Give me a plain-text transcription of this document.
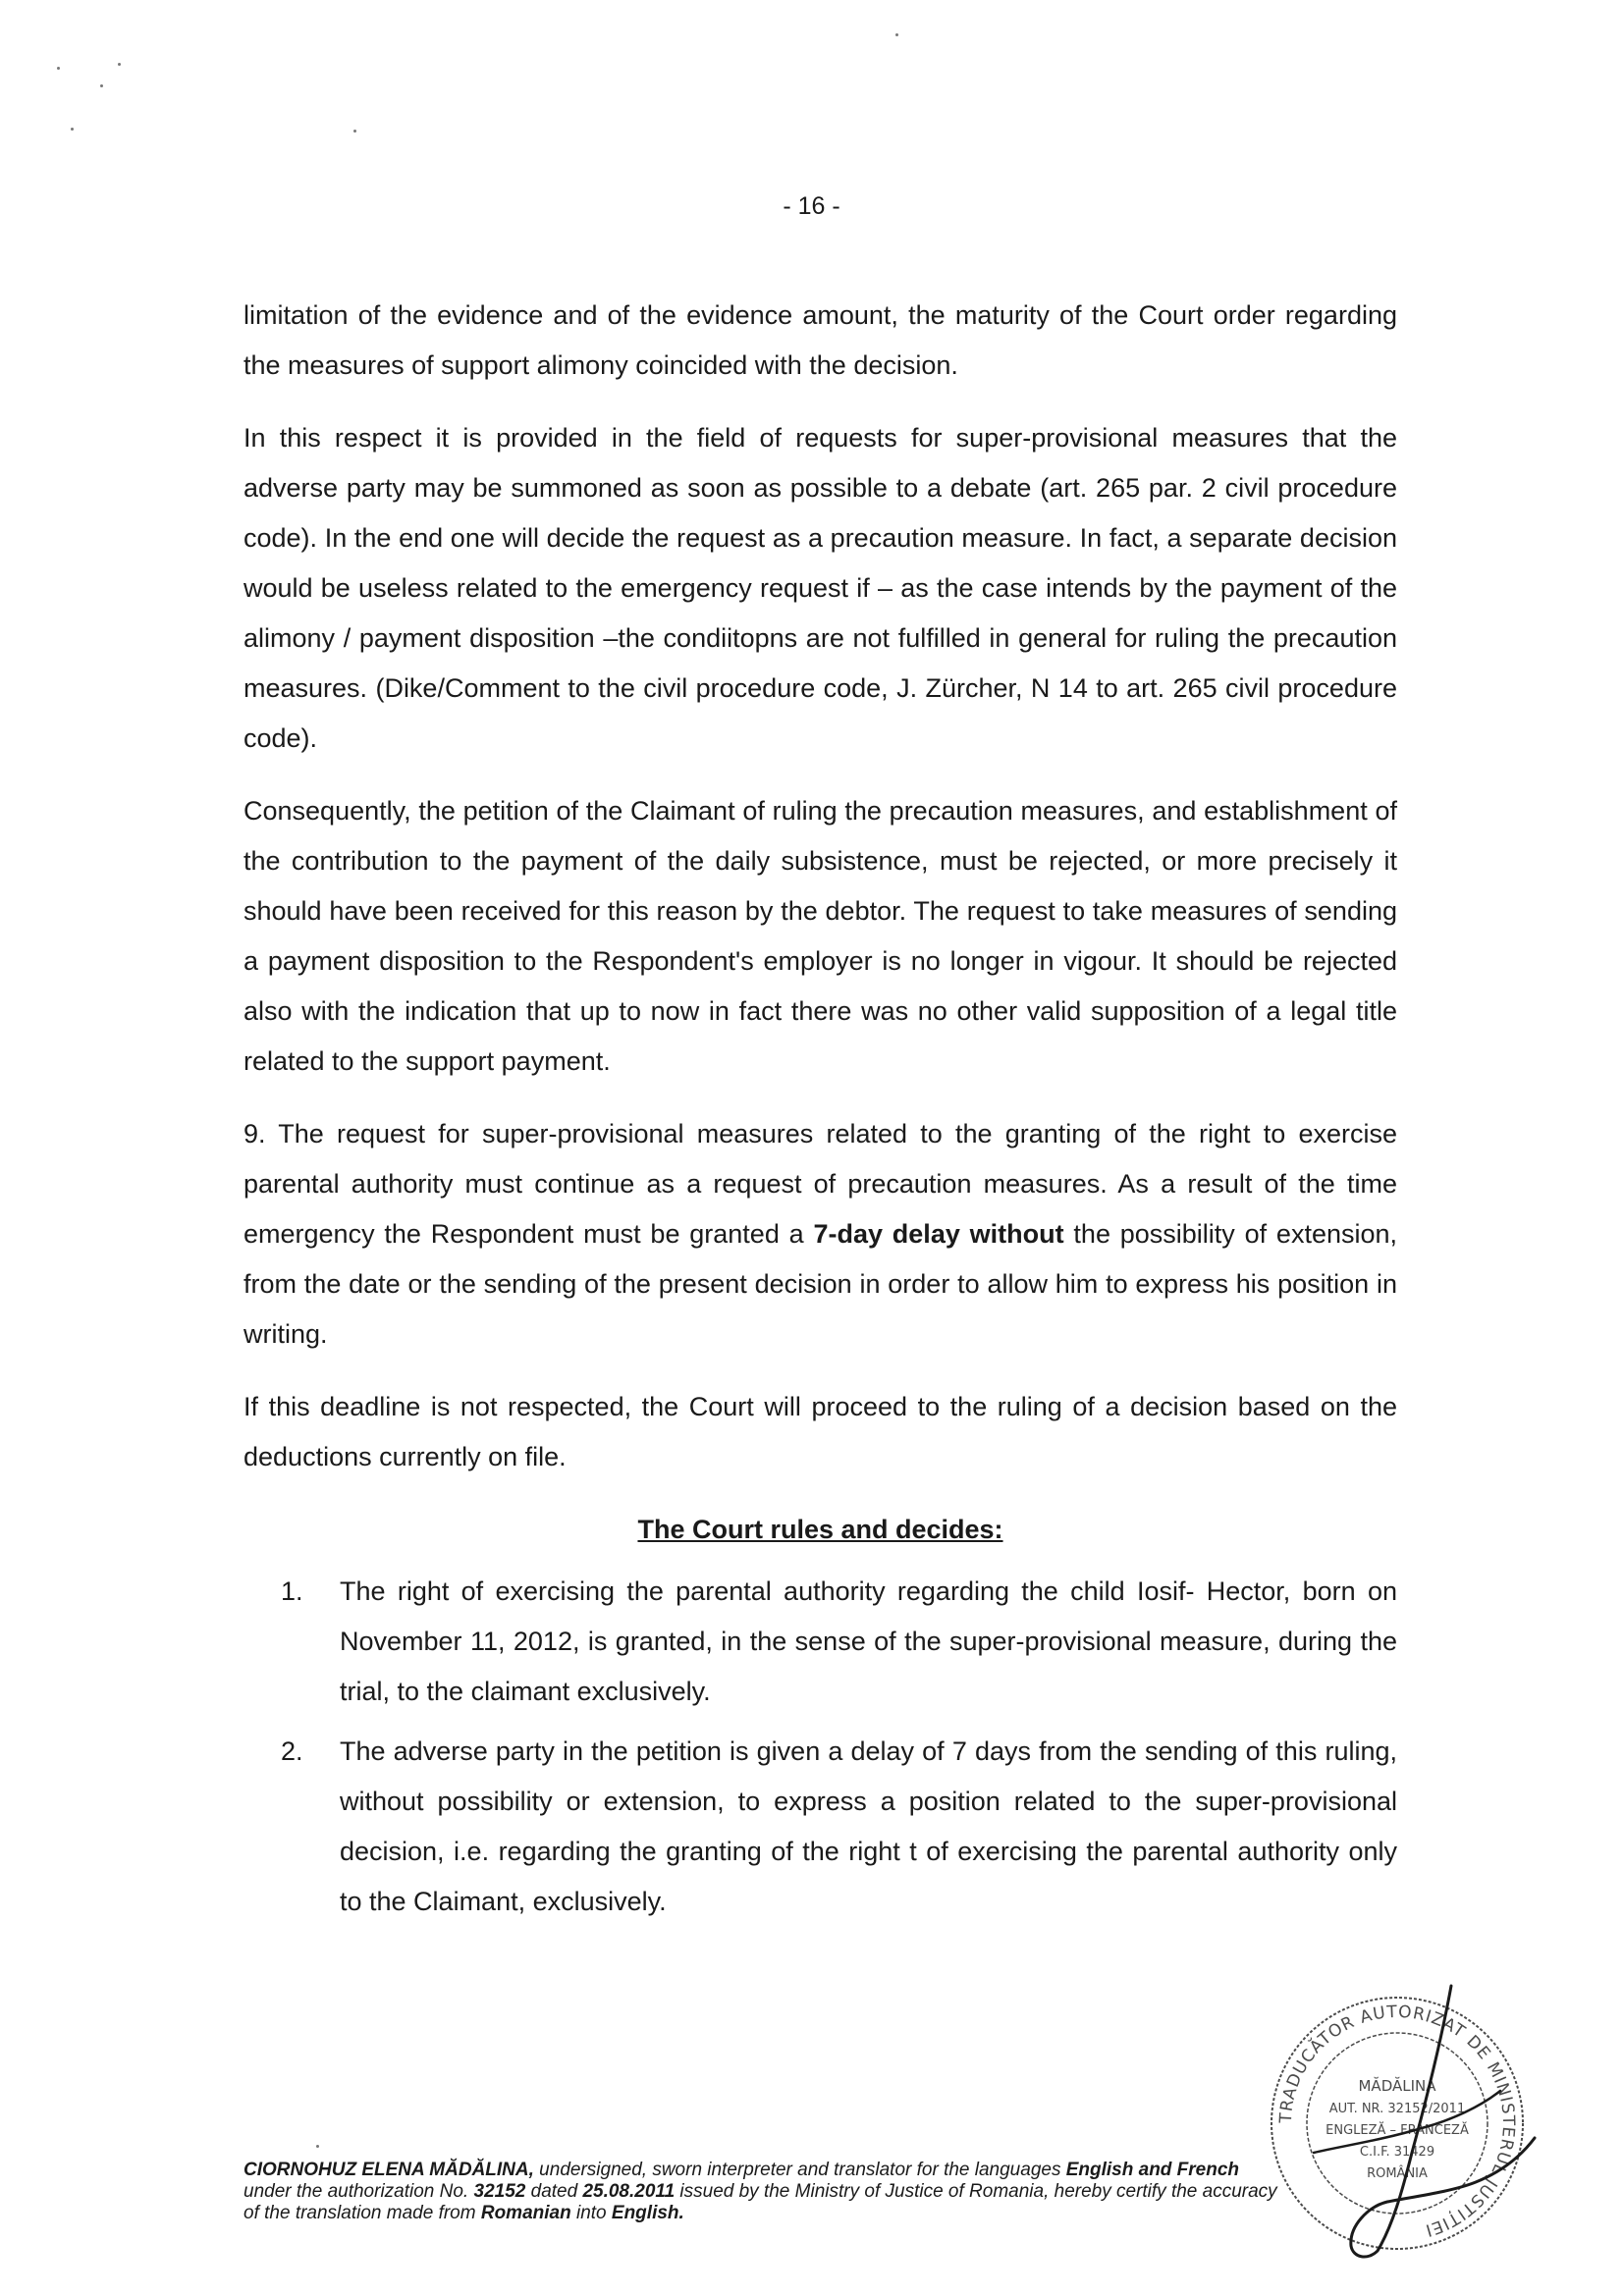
- 16 -

limitation of the evidence and of the evidence amount, the maturity of the Court order regarding the measures of support alimony coincided with the decision.

In this respect it is provided in the field of requests for super-provisional measures that the adverse party may be summoned as soon as possible to a debate (art. 265 par. 2 civil procedure code). In the end one will decide the request as a precaution measure. In fact, a separate decision would be useless related to the emergency request if – as the case intends by the payment of the alimony / payment disposition –the condiitopns are not fulfilled in general for ruling the precaution measures. (Dike/Comment to the civil procedure code, J. Zürcher, N 14 to art. 265 civil procedure code).

Consequently, the petition of the Claimant of ruling the precaution measures, and establishment of the contribution to the payment of the daily subsistence, must be rejected, or more precisely it should have been received for this reason by the debtor. The request to take measures of sending a payment disposition to the Respondent's employer is no longer in vigour. It should be rejected also with the indication that up to now in fact there was no other valid supposition of a legal title related to the support payment.

9. The request for super-provisional measures related to the granting of the right to exercise parental authority must continue as a request of precaution measures. As a result of the time emergency the Respondent must be granted a 7-day delay without the possibility of extension, from the date or the sending of the present decision in order to allow him to express his position in writing.

If this deadline is not respected, the Court will proceed to the ruling of a decision based on the deductions currently on file.

The Court rules and decides:
1. The right of exercising the parental authority regarding the child Iosif- Hector, born on November 11, 2012, is granted, in the sense of the super-provisional measure, during the trial, to the claimant exclusively.
2. The adverse party in the petition is given a delay of 7 days from the sending of this ruling, without possibility or extension, to express a position related to the super-provisional decision, i.e. regarding the granting of the right t of exercising the parental authority only to the Claimant, exclusively.
CIORNOHUZ ELENA MĂDĂLINA, undersigned, sworn interpreter and translator for the languages English and French under the authorization No. 32152 dated 25.08.2011 issued by the Ministry of Justice of Romania, hereby certify the accuracy of the translation made from Romanian into English.
TRADUCĂTOR AUTORIZAT DE MINISTERUL JUSTIȚIEI
MĂDĂLINA
AUT. NR. 32152/2011
ENGLEZĂ – FRANCEZĂ
C.I.F. 31429
ROMÂNIA
